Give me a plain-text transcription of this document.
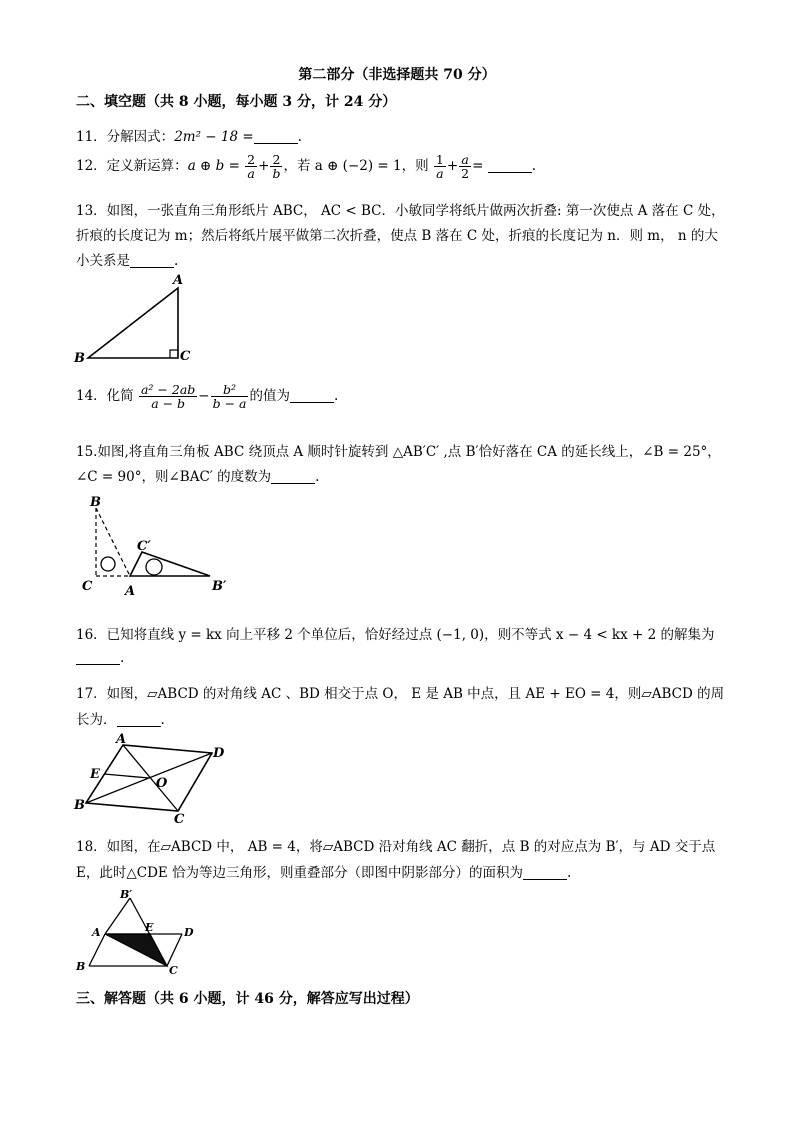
第二部分（非选择题共 70 分）
二、填空题（共 8 小题，每小题 3 分，计 24 分）
11．分解因式：2m² − 18 =	.
12．定义新运算：a ⊕ $b = \frac{2}{a} + \frac{2}{b}$ ，若 a ⊕ (−2) = 1，则 $\frac{1}{a} + \frac{a}{2}$ =	.
13．如图，一张直角三角形纸片 ABC， AC < BC．小敏同学将纸片做两次折叠: 第一次使点 A 落在 C 处，
折痕的长度记为 m；然后将纸片展平做第二次折叠，使点 B 落在 C 处，折痕的长度记为 n．则 m， n 的大
小关系是	.
A
B	C
14．化简 $\frac{\text{a² − 2ab}}{a - b} - \frac{\text{b²}}{b - a}$ 的值为	.
15.如图,将直角三角板 ABC 绕顶点 A 顺时针旋转到 △AB′C′ ,点 B′恰好落在 CA 的延长线上，∠B = 25°，
∠C = 90°，则∠BAC′ 的度数为	.
B
C	A
C′
B′
16．已知将直线 y = kx 向上平移 2 个单位后，恰好经过点 (−1, 0)，则不等式 x − 4 < kx + 2 的解集为
.
17．如图，▱ABCD 的对角线 AC 、BD 相交于点 O， E 是 AB 中点，且 AE + EO = 4，则▱ABCD 的周
长为．	.
A
D
E
O
B
C
18．如图，在▱ABCD 中， AB = 4，将▱ABCD 沿对角线 AC 翻折，点 B 的对应点为 B′，与 AD 交于点
E，此时△CDE 恰为等边三角形，则重叠部分（即图中阴影部分）的面积为	.
B′
A	E	D
B	C
三、解答题（共 6 小题，计 46 分，解答应写出过程）
